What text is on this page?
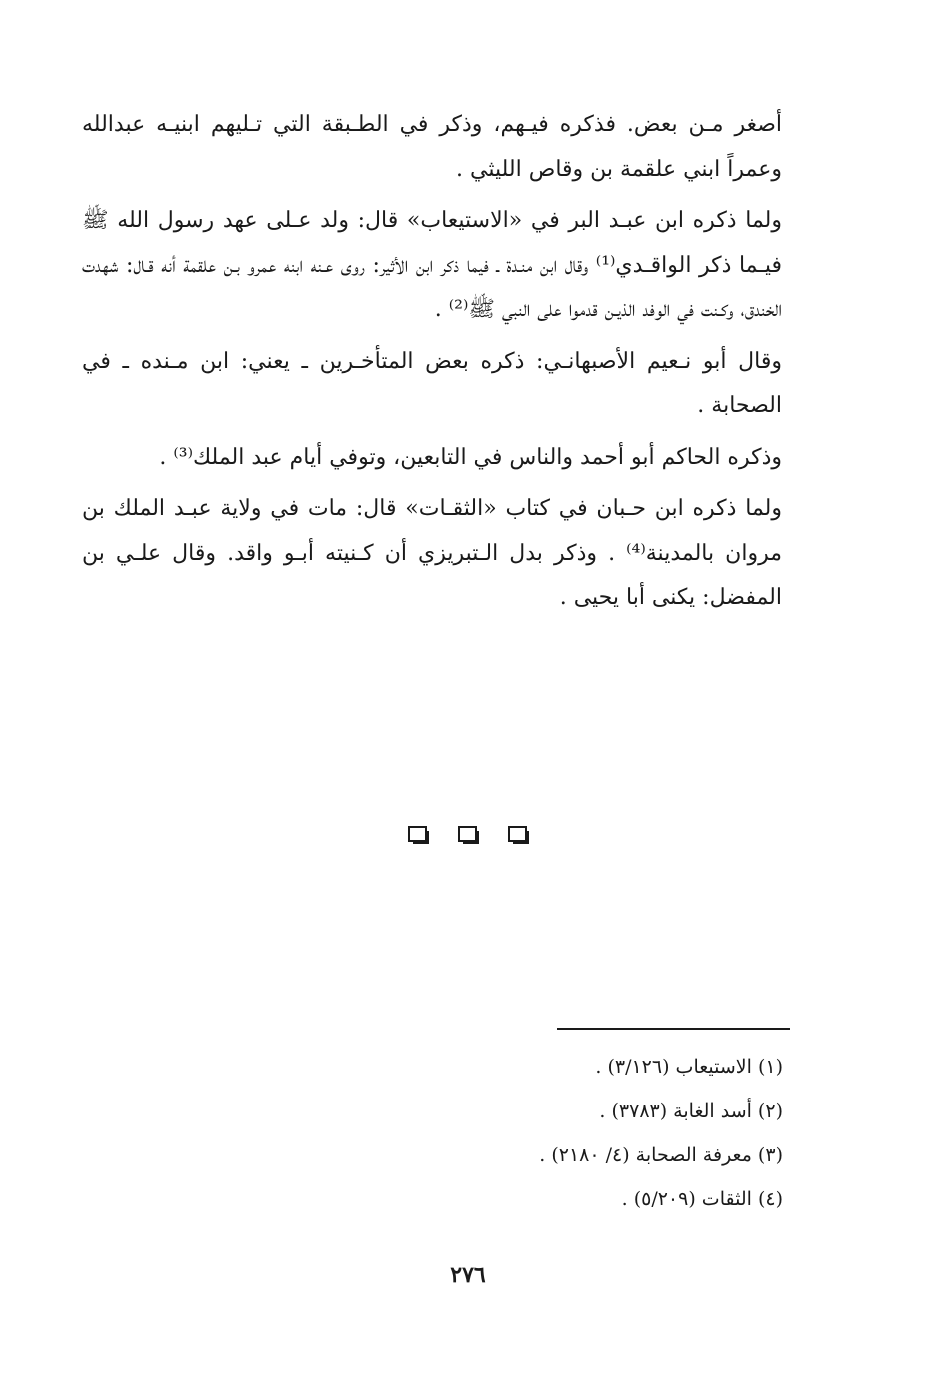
أصغر مـن بعض. فذكره فيـهم، وذكر في الطـبقة التي تـليهم ابنيـه عبدالله وعمراً ابني علقمة بن وقاص الليثي .

ولما ذكره ابن عبـد البر في «الاستيعاب» قال: ولد عـلى عهد رسول الله ﷺ فيـما ذكر الواقـدي⁽¹⁾ وقال ابن منـدة ـ فيما ذكر ابن الأثير: روى عـنه ابنه عمرو بـن علقمة أنه قـال: شهدت الخندق، وكـنت في الوفد الذيـن قدموا على النبي ﷺ⁽²⁾ .

وقال أبو نـعيم الأصبهانـي: ذكره بعض المتأخـرين ـ يعني: ابن مـنده ـ في الصحابة .

وذكره الحاكم أبو أحمد والناس في التابعين، وتوفي أيام عبد الملك⁽³⁾ .

ولما ذكره ابن حـبان في كتاب «الثقـات» قال: مات في ولاية عبـد الملك بن مروان بالمدينة⁽⁴⁾ . وذكر بدل الـتبريزي أن كـنيته أبـو واقد. وقال علـي بن المفضل: يكنى أبا يحيى .

(١) الاستيعاب (٣/١٢٦) .
(٢) أسد الغابة (٣٧٨٣) .
(٣) معرفة الصحابة (٤/ ٢١٨٠) .
(٤) الثقات (٥/٢٠٩) .
٢٧٦
